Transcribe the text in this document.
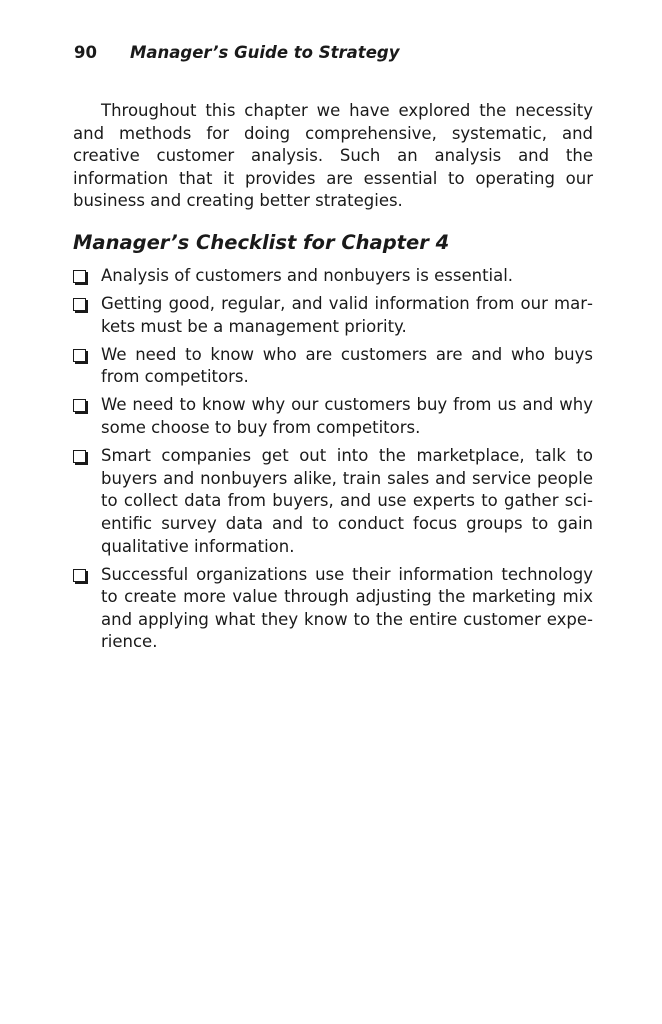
90 Manager’s Guide to Strategy

Throughout this chapter we have explored the necessity and methods for doing comprehensive, systematic, and creative customer analysis. Such an analysis and the information that it provides are essential to operating our business and creating better strategies.

Manager’s Checklist for Chapter 4
Analysis of customers and nonbuyers is essential.
Getting good, regular, and valid information from our markets must be a management priority.
We need to know who are customers are and who buys from competitors.
We need to know why our customers buy from us and why some choose to buy from competitors.
Smart companies get out into the marketplace, talk to buyers and nonbuyers alike, train sales and service people to collect data from buyers, and use experts to gather scientific survey data and to conduct focus groups to gain qualitative information.
Successful organizations use their information technology to create more value through adjusting the marketing mix and applying what they know to the entire customer experience.
